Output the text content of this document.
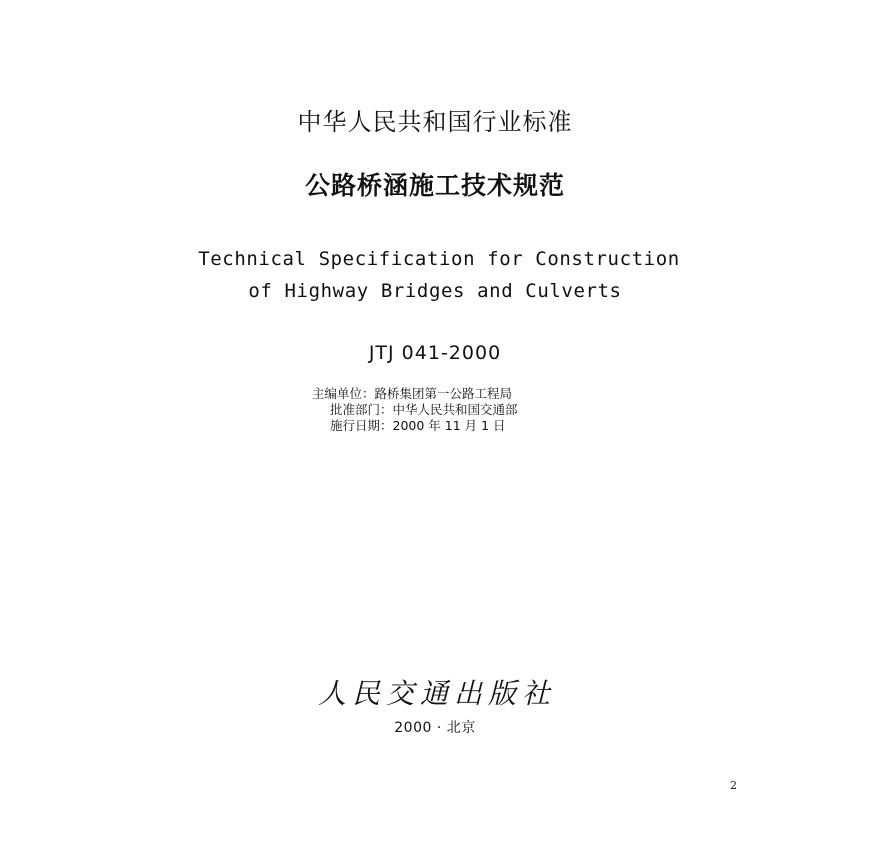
中华人民共和国行业标准
公路桥涵施工技术规范
Technical Specification for Construction
of Highway Bridges and Culverts
JTJ 041-2000
主编单位：路桥集团第一公路工程局
批准部门：中华人民共和国交通部
施行日期：2000 年 11 月 1 日
人民交通出版社
2000 · 北京
2
